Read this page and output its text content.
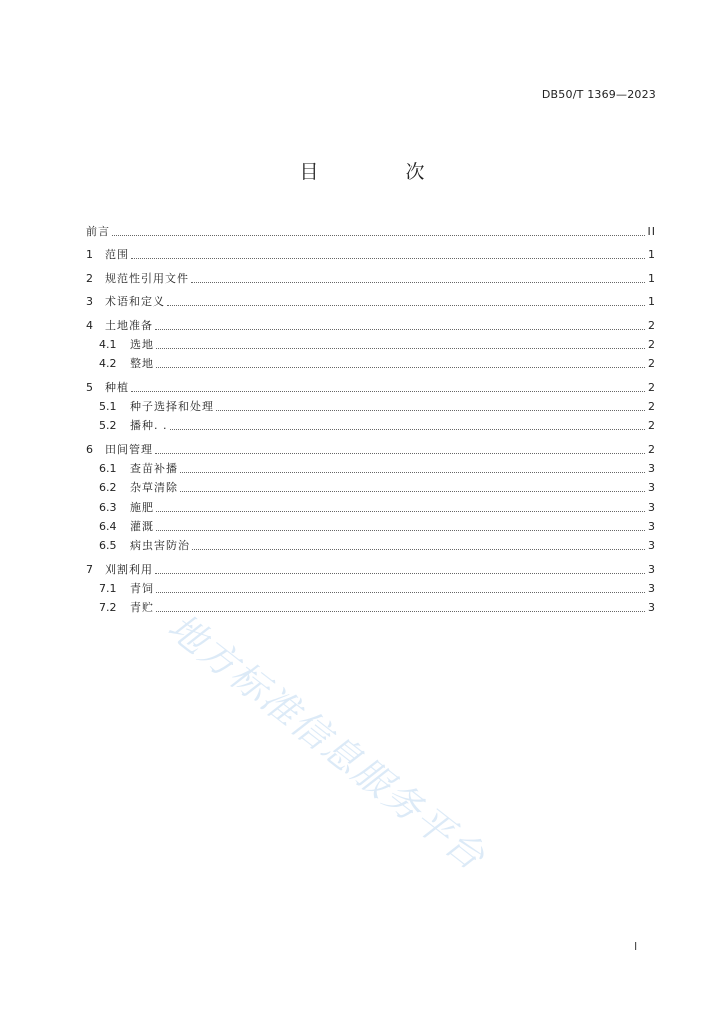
DB50/T 1369—2023
目　次
前言	II
1	范围	1
2	规范性引用文件	1
3	术语和定义	1
4	土地准备	2
4.1	选地	2
4.2	整地	2
5	种植	2
5.1	种子选择和处理	2
5.2	播种. .	2
6	田间管理	2
6.1	查苗补播	3
6.2	杂草清除	3
6.3	施肥	3
6.4	灌溉	3
6.5	病虫害防治	3
7	刈割利用	3
7.1	青饲	3
7.2	青贮	3
地方标准信息服务平台
I
